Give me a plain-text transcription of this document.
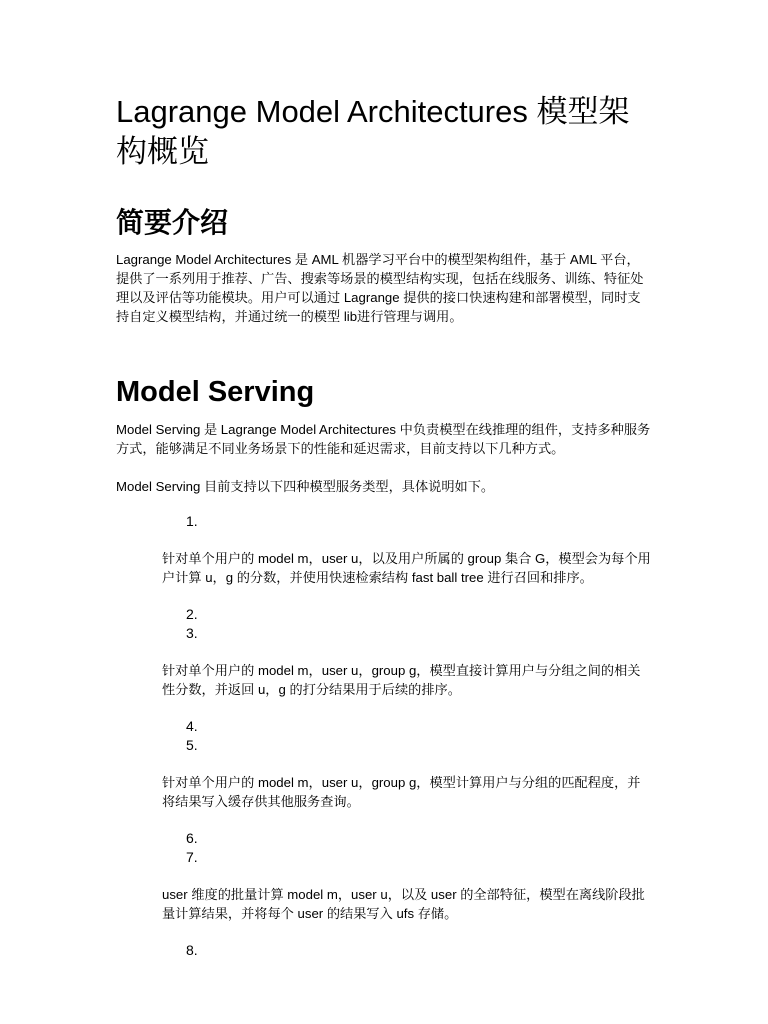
Lagrange Model Architectures 模型架构概览
简要介绍

Lagrange Model Architectures 是 AML 机器学习平台中的模型架构组件，基于 AML 平台，提供了一系列用于推荐、广告、搜索等场景的模型结构实现，包括在线服务、训练、特征处理以及评估等功能模块。用户可以通过 Lagrange 提供的接口快速构建和部署模型，同时支持自定义模型结构，并通过统一的模型 lib进行管理与调用。

Model Serving

Model Serving 是 Lagrange Model Architectures 中负责模型在线推理的组件，支持多种服务方式，能够满足不同业务场景下的性能和延迟需求，目前支持以下几种方式。

Model Serving 目前支持以下四种模型服务类型，具体说明如下。

1.

针对单个用户的 model m，user u，以及用户所属的 group 集合 G，模型会为每个用户计算 u，g 的分数，并使用快速检索结构 fast ball tree 进行召回和排序。

2.

3.

针对单个用户的 model m，user u，group g，模型直接计算用户与分组之间的相关性分数，并返回 u，g 的打分结果用于后续的排序。

4.

5.

针对单个用户的 model m，user u，group g，模型计算用户与分组的匹配程度，并将结果写入缓存供其他服务查询。

6.

7.

user 维度的批量计算 model m，user u，以及 user 的全部特征，模型在离线阶段批量计算结果，并将每个 user 的结果写入 ufs 存储。

8.
